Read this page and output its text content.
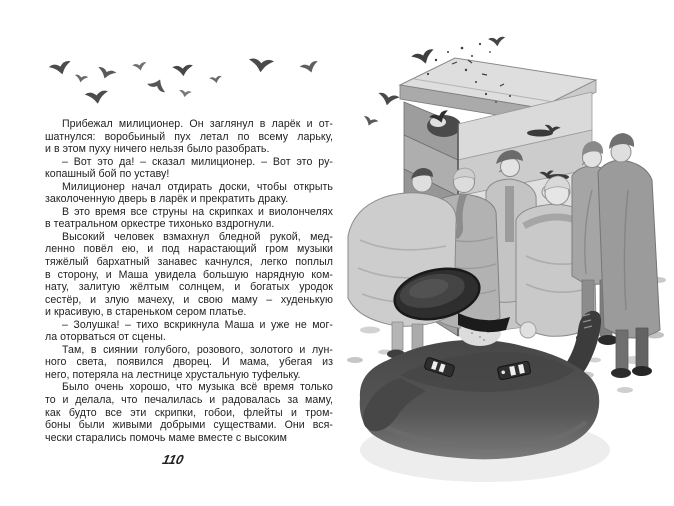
Прибежал милиционер. Он заглянул в ларёк и от-
шатнулся: воробьиный пух летал по всему ларьку,
и в этом пуху ничего нельзя было разобрать.

– Вот это да! – сказал милиционер. – Вот это ру-
копашный бой по уставу!

Милиционер начал отдирать доски, чтобы открыть
заколоченную дверь в ларёк и прекратить драку.

В это время все струны на скрипках и виолончелях
в театральном оркестре тихонько вздрогнули.

Высокий человек взмахнул бледной рукой, мед-
ленно повёл ею, и под нарастающий гром музыки
тяжёлый бархатный занавес качнулся, легко поплыл
в сторону, и Маша увидела большую нарядную ком-
нату, залитую жёлтым солнцем, и богатых уродок
сестёр, и злую мачеху, и свою маму – худенькую
и красивую, в стареньком сером платье.

– Золушка! – тихо вскрикнула Маша и уже не мог-
ла оторваться от сцены.

Там, в сиянии голубого, розового, золотого и лун-
ного света, появился дворец. И мама, убегая из
него, потеряла на лестнице хрустальную туфельку.

Было очень хорошо, что музыка всё время только
то и делала, что печалилась и радовалась за маму,
как будто все эти скрипки, гобои, флейты и тром-
боны были живыми добрыми существами. Они вся-
чески старались помочь маме вместе с высоким

110
